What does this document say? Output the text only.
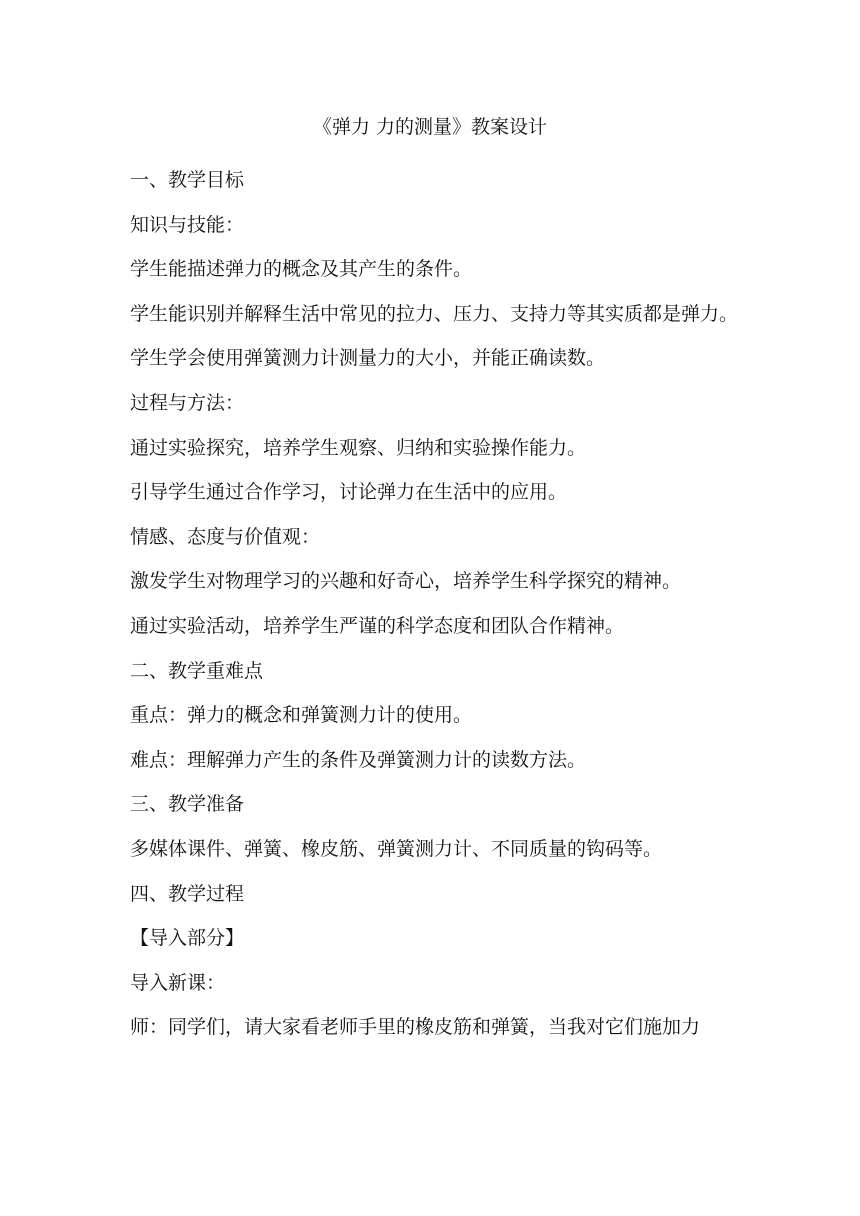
《弹力 力的测量》教案设计

一、教学目标

知识与技能：

学生能描述弹力的概念及其产生的条件。

学生能识别并解释生活中常见的拉力、压力、支持力等其实质都是弹力。

学生学会使用弹簧测力计测量力的大小，并能正确读数。

过程与方法：

通过实验探究，培养学生观察、归纳和实验操作能力。

引导学生通过合作学习，讨论弹力在生活中的应用。

情感、态度与价值观：

激发学生对物理学习的兴趣和好奇心，培养学生科学探究的精神。

通过实验活动，培养学生严谨的科学态度和团队合作精神。

二、教学重难点

重点：弹力的概念和弹簧测力计的使用。

难点：理解弹力产生的条件及弹簧测力计的读数方法。

三、教学准备

多媒体课件、弹簧、橡皮筋、弹簧测力计、不同质量的钩码等。

四、教学过程

【导入部分】

导入新课：

师：同学们，请大家看老师手里的橡皮筋和弹簧，当我对它们施加力
